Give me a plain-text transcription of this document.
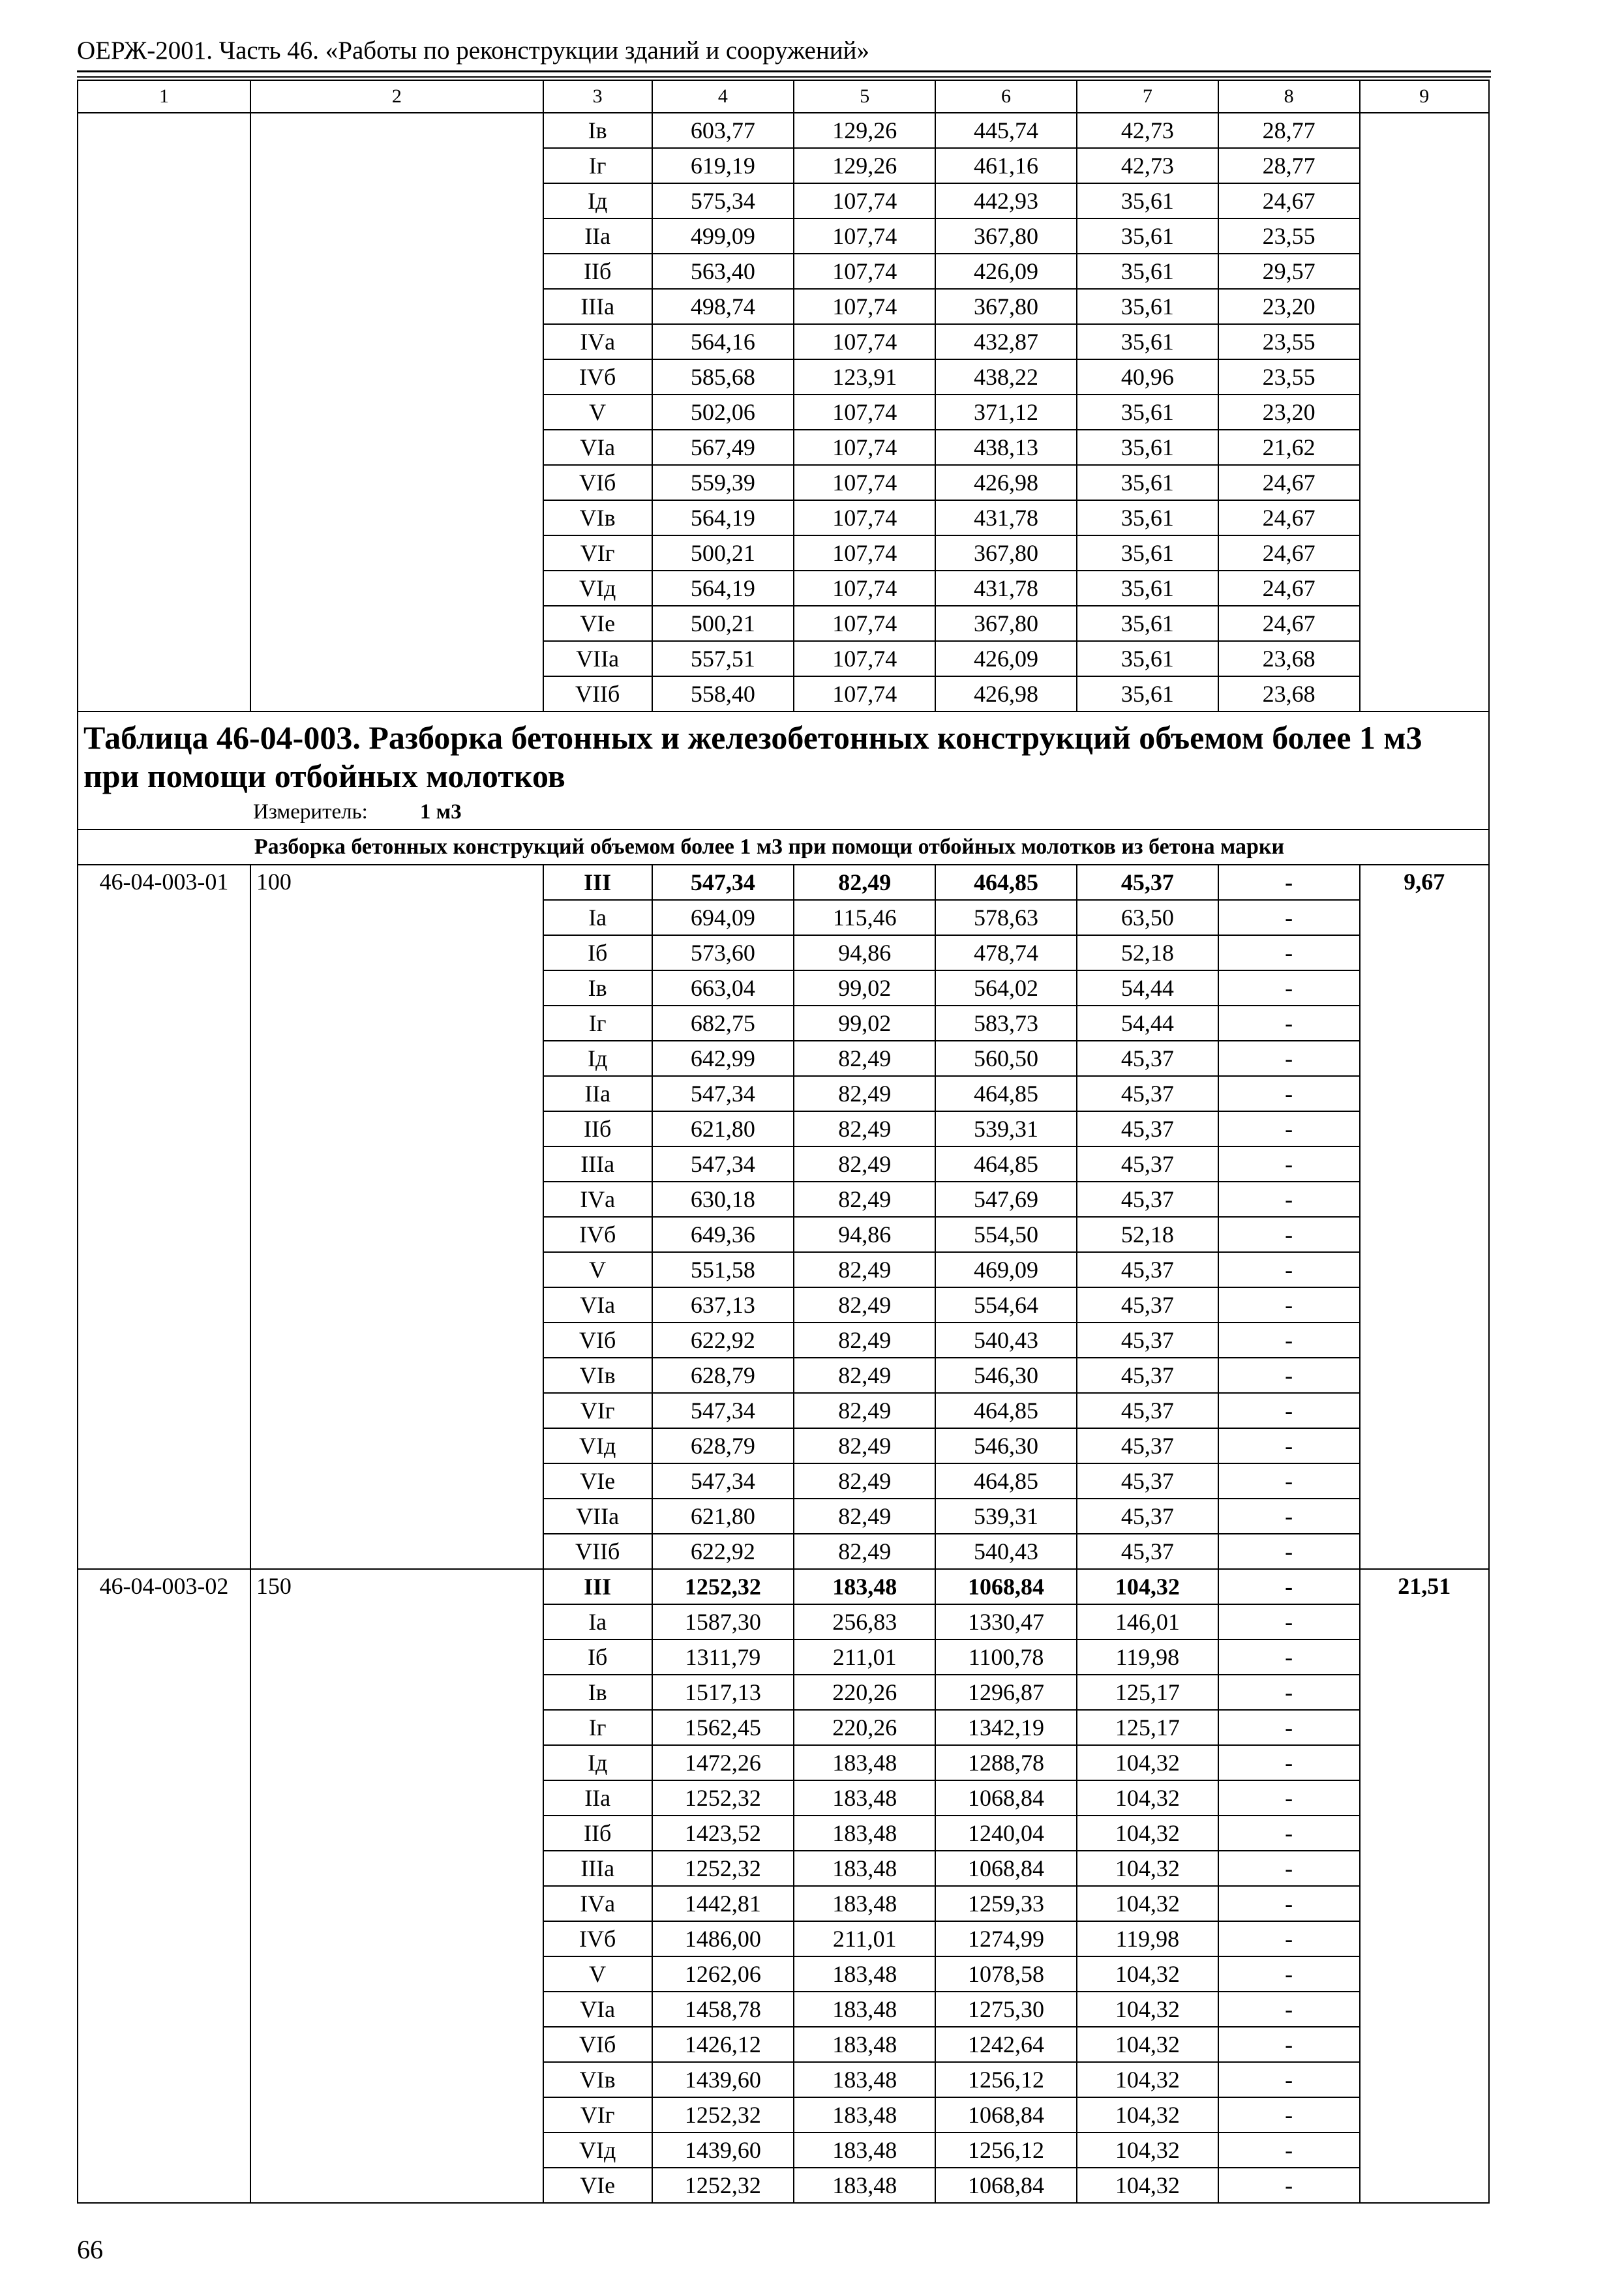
ОЕРЖ-2001. Часть 46. «Работы по реконструкции зданий и сооружений»
1	2	3	4	5	6	7	8	9
		Iв	603,77	129,26	445,74	42,73	28,77	
		Iг	619,19	129,26	461,16	42,73	28,77	
		Iд	575,34	107,74	442,93	35,61	24,67	
		IIа	499,09	107,74	367,80	35,61	23,55	
		IIб	563,40	107,74	426,09	35,61	29,57	
		IIIа	498,74	107,74	367,80	35,61	23,20	
		IVа	564,16	107,74	432,87	35,61	23,55	
		IVб	585,68	123,91	438,22	40,96	23,55	
		V	502,06	107,74	371,12	35,61	23,20	
		VIа	567,49	107,74	438,13	35,61	21,62	
		VIб	559,39	107,74	426,98	35,61	24,67	
		VIв	564,19	107,74	431,78	35,61	24,67	
		VIг	500,21	107,74	367,80	35,61	24,67	
		VIд	564,19	107,74	431,78	35,61	24,67	
		VIе	500,21	107,74	367,80	35,61	24,67	
		VIIа	557,51	107,74	426,09	35,61	23,68	
		VIIб	558,40	107,74	426,98	35,61	23,68	
Таблица 46-04-003. Разборка бетонных и железобетонных конструкций объемом более 1 м3 при помощи отбойных молотков								
Измеритель: 1 м3								
	Разборка бетонных конструкций объемом более 1 м3 при помощи отбойных молотков из бетона марки							
46-04-003-01	100	III	547,34	82,49	464,85	45,37	-	9,67
		Iа	694,09	115,46	578,63	63,50	-	
		Iб	573,60	94,86	478,74	52,18	-	
		Iв	663,04	99,02	564,02	54,44	-	
		Iг	682,75	99,02	583,73	54,44	-	
		Iд	642,99	82,49	560,50	45,37	-	
		IIа	547,34	82,49	464,85	45,37	-	
		IIб	621,80	82,49	539,31	45,37	-	
		IIIа	547,34	82,49	464,85	45,37	-	
		IVа	630,18	82,49	547,69	45,37	-	
		IVб	649,36	94,86	554,50	52,18	-	
		V	551,58	82,49	469,09	45,37	-	
		VIа	637,13	82,49	554,64	45,37	-	
		VIб	622,92	82,49	540,43	45,37	-	
		VIв	628,79	82,49	546,30	45,37	-	
		VIг	547,34	82,49	464,85	45,37	-	
		VIд	628,79	82,49	546,30	45,37	-	
		VIе	547,34	82,49	464,85	45,37	-	
		VIIа	621,80	82,49	539,31	45,37	-	
		VIIб	622,92	82,49	540,43	45,37	-	
46-04-003-02	150	III	1252,32	183,48	1068,84	104,32	-	21,51
		Iа	1587,30	256,83	1330,47	146,01	-	
		Iб	1311,79	211,01	1100,78	119,98	-	
		Iв	1517,13	220,26	1296,87	125,17	-	
		Iг	1562,45	220,26	1342,19	125,17	-	
		Iд	1472,26	183,48	1288,78	104,32	-	
		IIа	1252,32	183,48	1068,84	104,32	-	
		IIб	1423,52	183,48	1240,04	104,32	-	
		IIIа	1252,32	183,48	1068,84	104,32	-	
		IVа	1442,81	183,48	1259,33	104,32	-	
		IVб	1486,00	211,01	1274,99	119,98	-	
		V	1262,06	183,48	1078,58	104,32	-	
		VIа	1458,78	183,48	1275,30	104,32	-	
		VIб	1426,12	183,48	1242,64	104,32	-	
		VIв	1439,60	183,48	1256,12	104,32	-	
		VIг	1252,32	183,48	1068,84	104,32	-	
		VIд	1439,60	183,48	1256,12	104,32	-	
		VIе	1252,32	183,48	1068,84	104,32	-	
66
